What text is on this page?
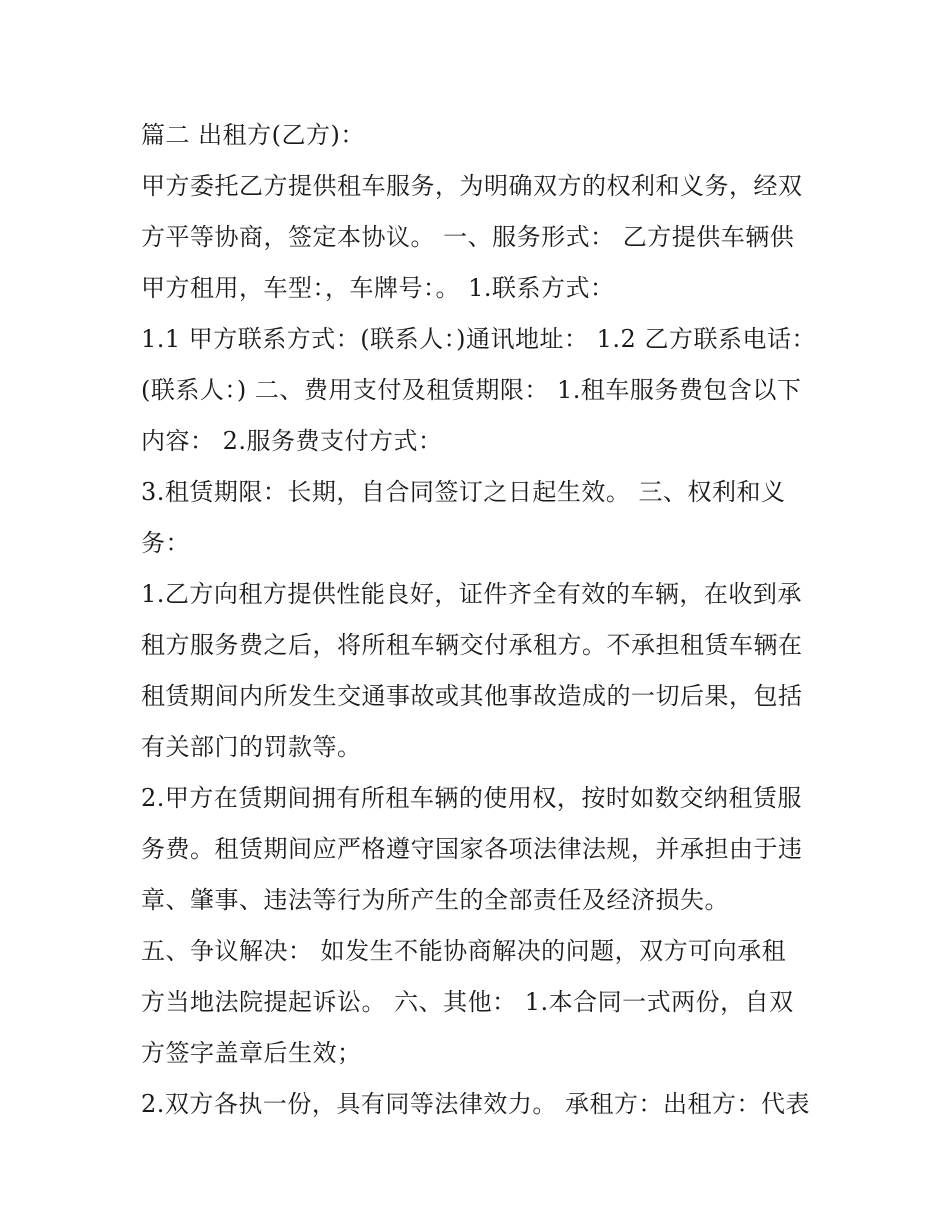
篇二 出租方(乙方)：
甲方委托乙方提供租车服务，为明确双方的权利和义务，经双
方平等协商，签定本协议。 一、服务形式： 乙方提供车辆供
甲方租用，车型：，车牌号：。 1.联系方式：
1.1 甲方联系方式：(联系人：)通讯地址： 1.2 乙方联系电话：
(联系人：) 二、费用支付及租赁期限： 1.租车服务费包含以下
内容： 2.服务费支付方式：
3.租赁期限：长期，自合同签订之日起生效。 三、权利和义
务：
1.乙方向租方提供性能良好，证件齐全有效的车辆，在收到承
租方服务费之后，将所租车辆交付承租方。不承担租赁车辆在
租赁期间内所发生交通事故或其他事故造成的一切后果，包括
有关部门的罚款等。
2.甲方在赁期间拥有所租车辆的使用权，按时如数交纳租赁服
务费。租赁期间应严格遵守国家各项法律法规，并承担由于违
章、肇事、违法等行为所产生的全部责任及经济损失。
五、争议解决： 如发生不能协商解决的问题，双方可向承租
方当地法院提起诉讼。 六、其他： 1.本合同一式两份，自双
方签字盖章后生效；
2.双方各执一份，具有同等法律效力。 承租方：出租方：代表
